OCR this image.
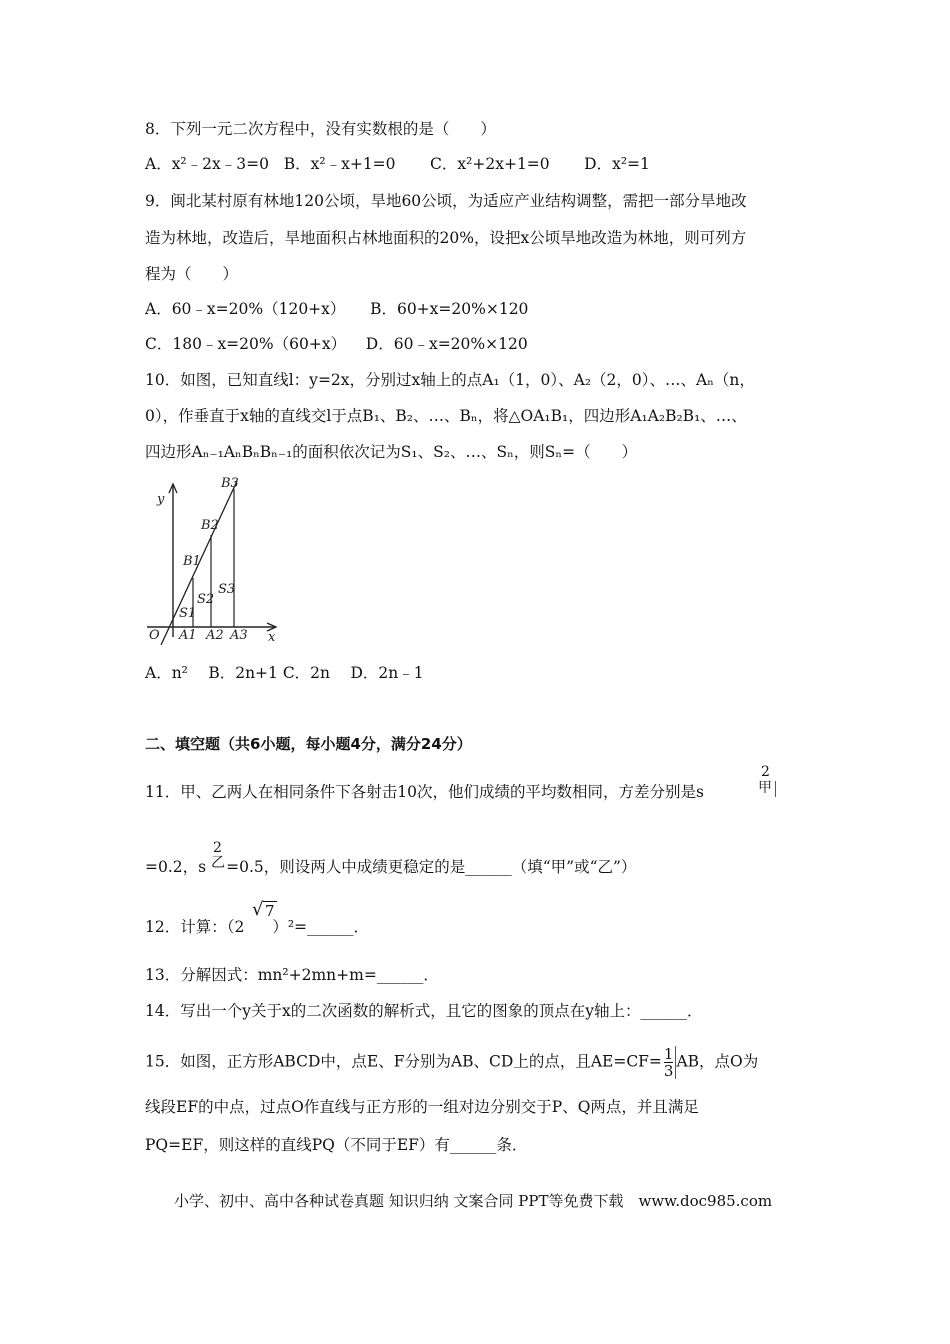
8．下列一元二次方程中，没有实数根的是（　　）
A．x²﹣2x﹣3=0 B．x²﹣x+1=0 C．x²+2x+1=0 D．x²=1
9．闽北某村原有林地120公顷，旱地60公顷，为适应产业结构调整，需把一部分旱地改
造为林地，改造后，旱地面积占林地面积的20%，设把x公顷旱地改造为林地，则可列方
程为（　　）
A．60﹣x=20%（120+x） B．60+x=20%×120
C．180﹣x=20%（60+x） D．60﹣x=20%×120
10．如图，已知直线l：y=2x，分别过x轴上的点A₁（1，0）、A₂（2，0）、…、Aₙ（n，
0），作垂直于x轴的直线交l于点B₁、B₂、…、Bₙ，将△OA₁B₁，四边形A₁A₂B₂B₁、…、
四边形Aₙ₋₁AₙBₙBₙ₋₁的面积依次记为S₁、S₂、…、Sₙ，则Sₙ=（　　）
y
x
O
B1
B2
B3
A1 A2 A3
S1
S2
S3
A．n²　 B．2n+1 C．2n　 D．2n﹣1
二、填空题（共6小题，每小题4分，满分24分）
11．甲、乙两人在相同条件下各射击10次，他们成绩的平均数相同，方差分别是s
2
甲
=0.2，s =0.5，则设两人中成绩更稳定的是______（填“甲”或“乙”）
2
乙
12．计算：（2 ）²=______．
√ 7
13．分解因式：mn²+2mn+m=______．
14．写出一个y关于x的二次函数的解析式，且它的图象的顶点在y轴上：______．
15．如图，正方形ABCD中，点E、F分别为AB、CD上的点，且$AE=CF= \frac{1}{3}$ AB，点O为
线段EF的中点，过点O作直线与正方形的一组对边分别交于P、Q两点，并且满足
PQ=EF，则这样的直线PQ（不同于EF）有______条．
小学、初中、高中各种试卷真题 知识归纳 文案合同 PPT等免费下载　www.doc985.com
